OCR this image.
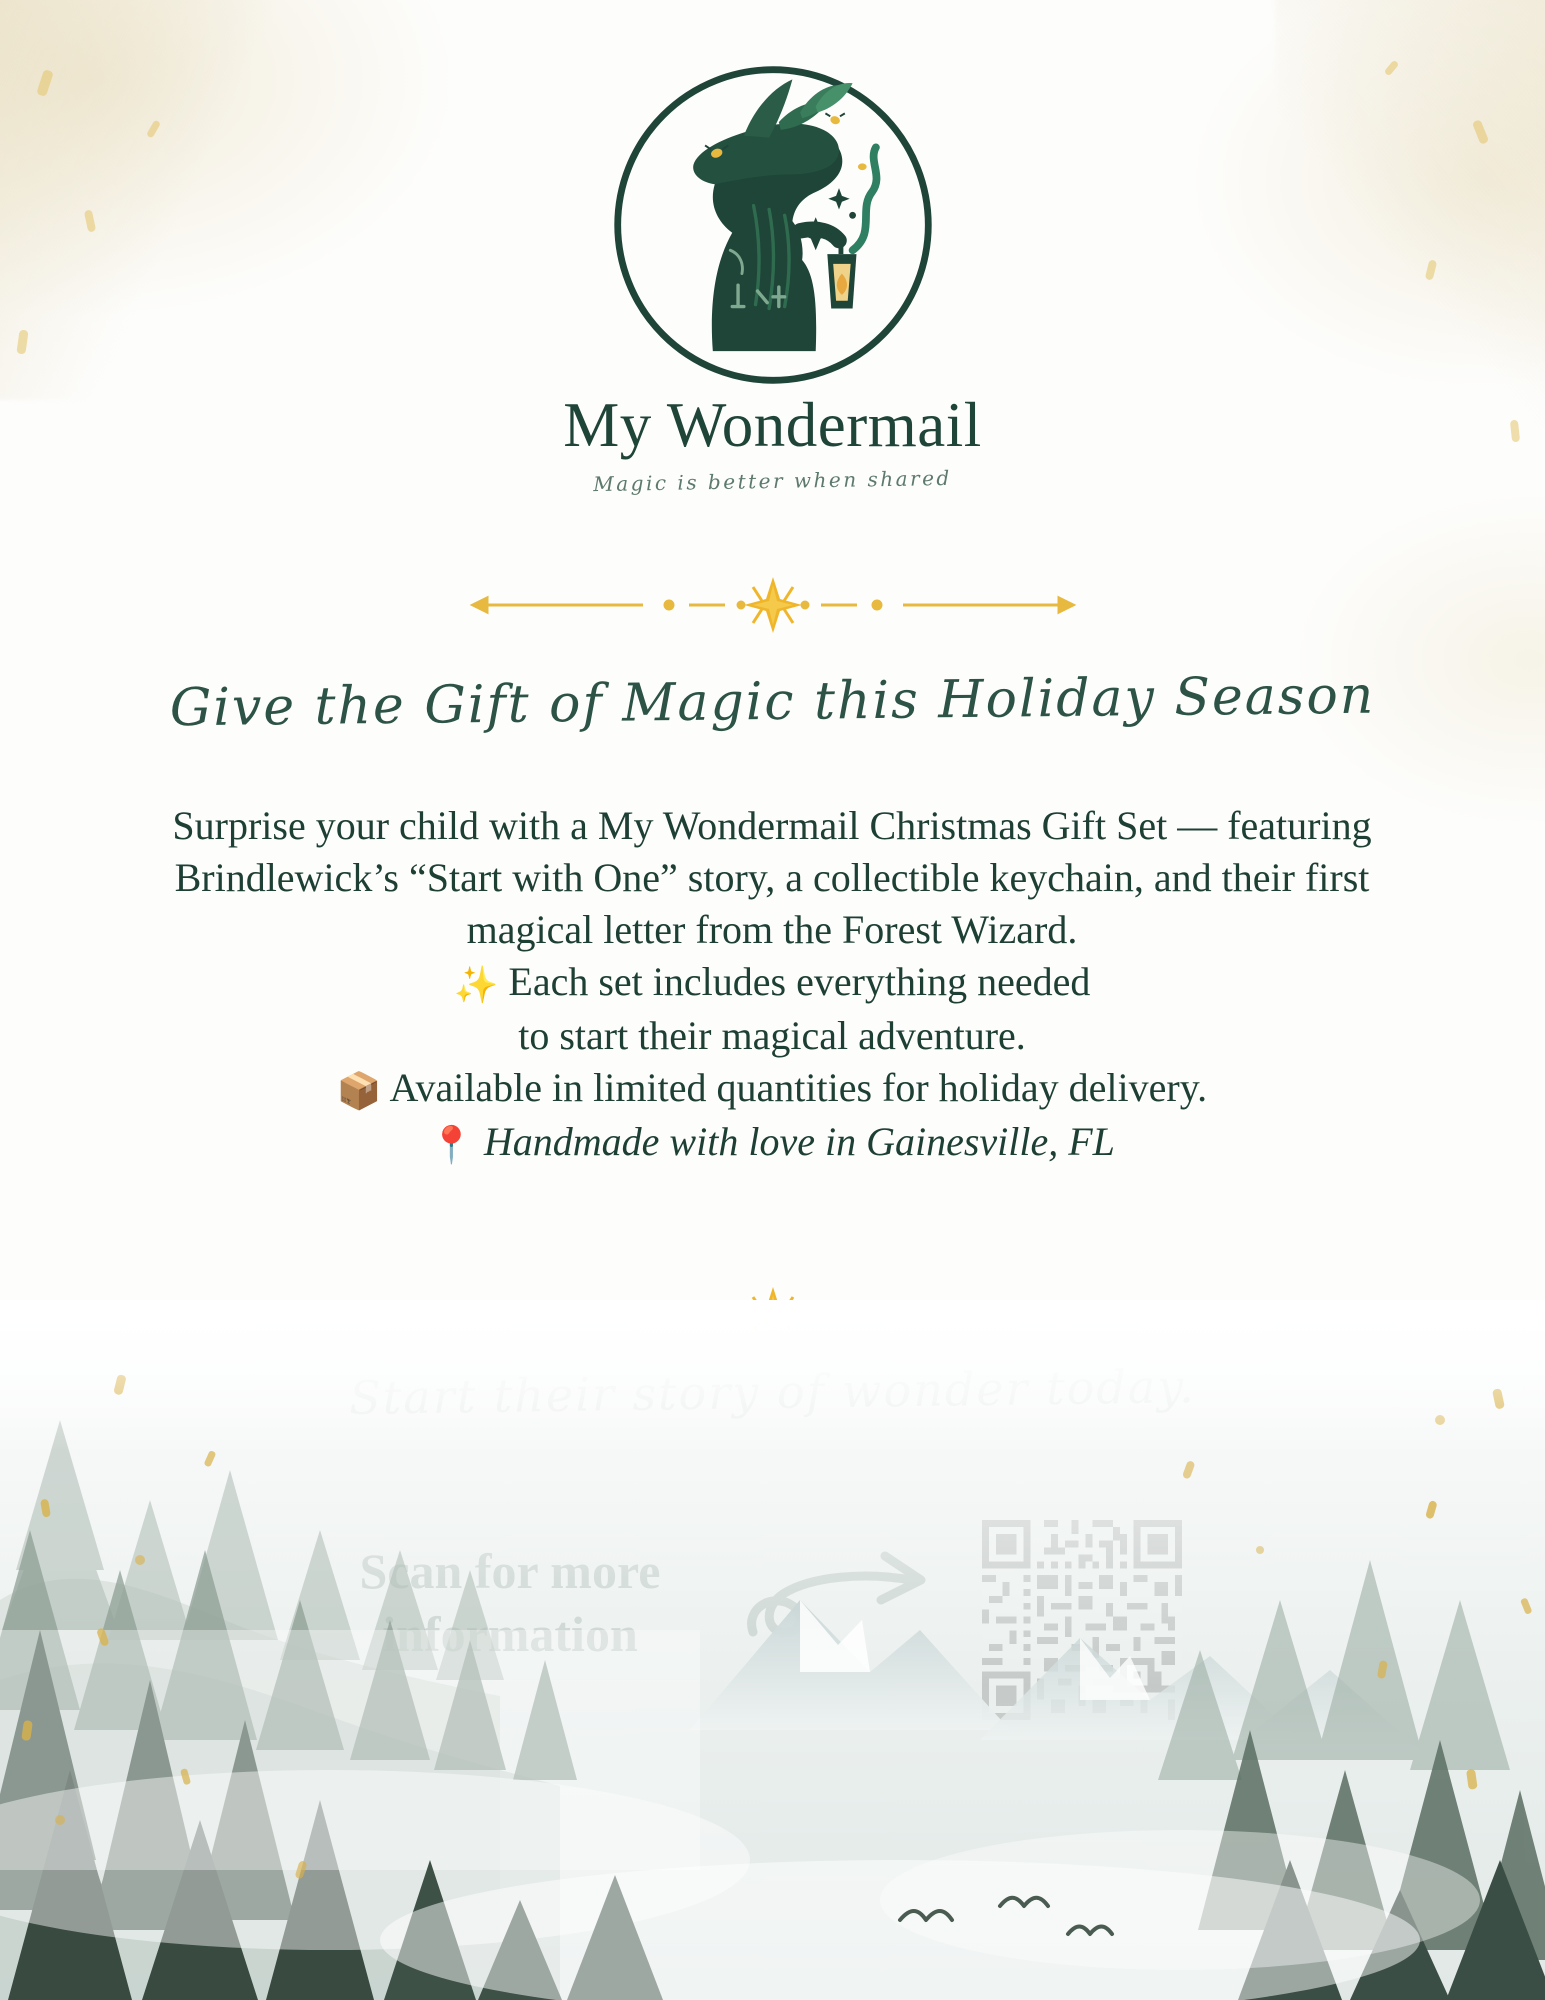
My Wondermail
Magic is better when shared
Give the Gift of Magic this Holiday Season

Surprise your child with a My Wondermail Christmas Gift Set — featuring Brindlewick’s “Start with One” story, a collectible keychain, and their first magical letter from the Forest Wizard.

✨ Each set includes everything needed

to start their magical adventure.

📦 Available in limited quantities for holiday delivery.

📍 Handmade with love in Gainesville, FL
